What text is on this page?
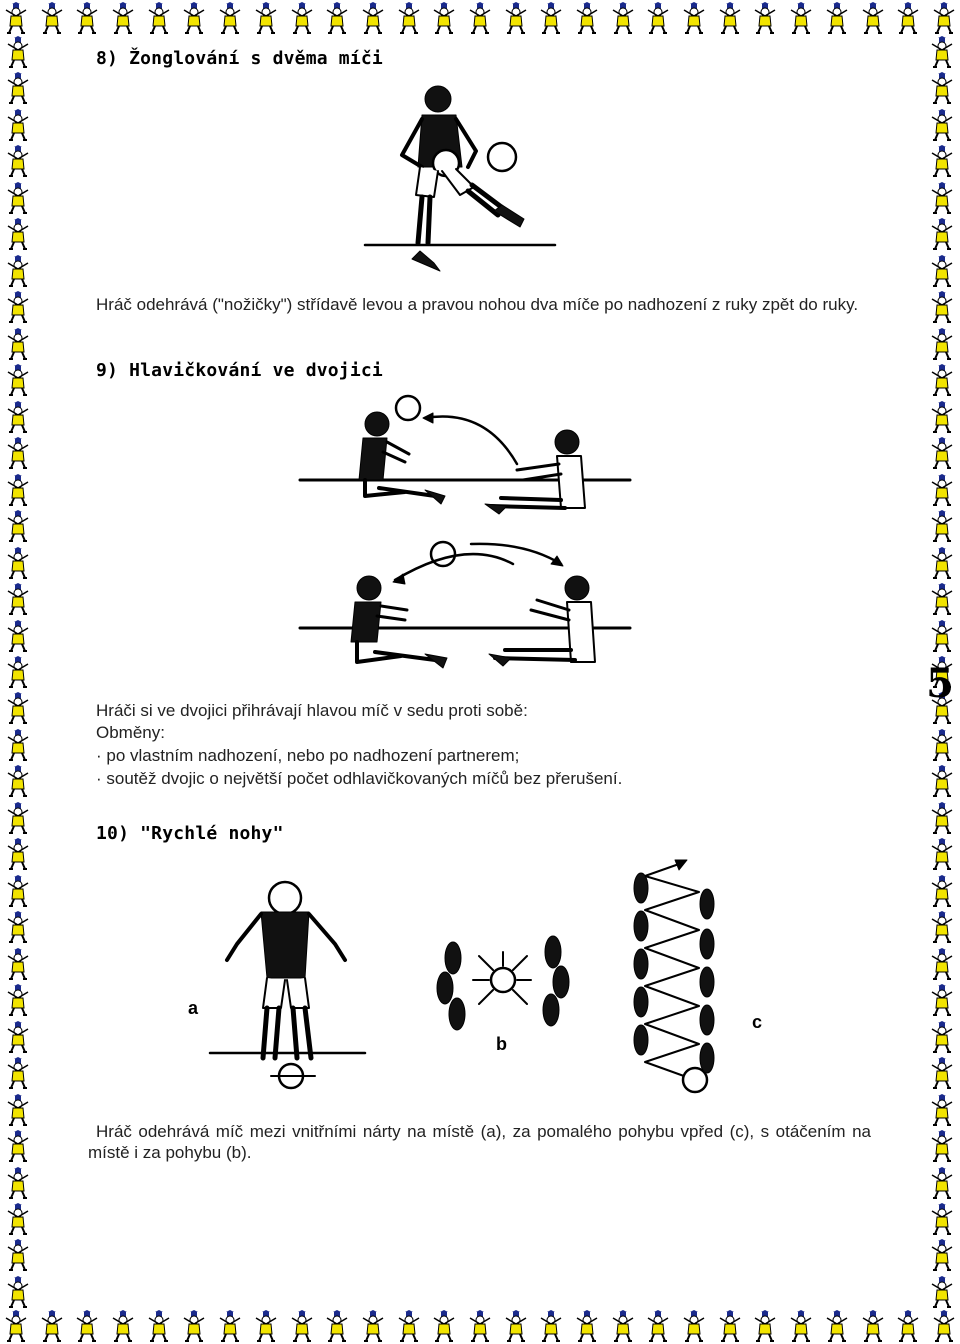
8) Žonglování s dvěma míči
Hráč odehrává ("nožičky") střídavě levou a pravou nohou dva míče po nadhození z ruky zpět do ruky.
9) Hlavičkování ve dvojici
Hráči si ve dvojici přihrávají hlavou míč v sedu proti sobě:
Obměny:
· po vlastním nadhození, nebo po nadhození partnerem;
· soutěž dvojic o největší počet odhlavičkovaných míčů bez přerušení.
5
10) "Rychlé nohy"
a
b
c
Hráč odehrává míč mezi vnitřními nárty na místě (a), za pomalého pohybu vpřed (c), s otáčením na místě i za pohybu (b).
